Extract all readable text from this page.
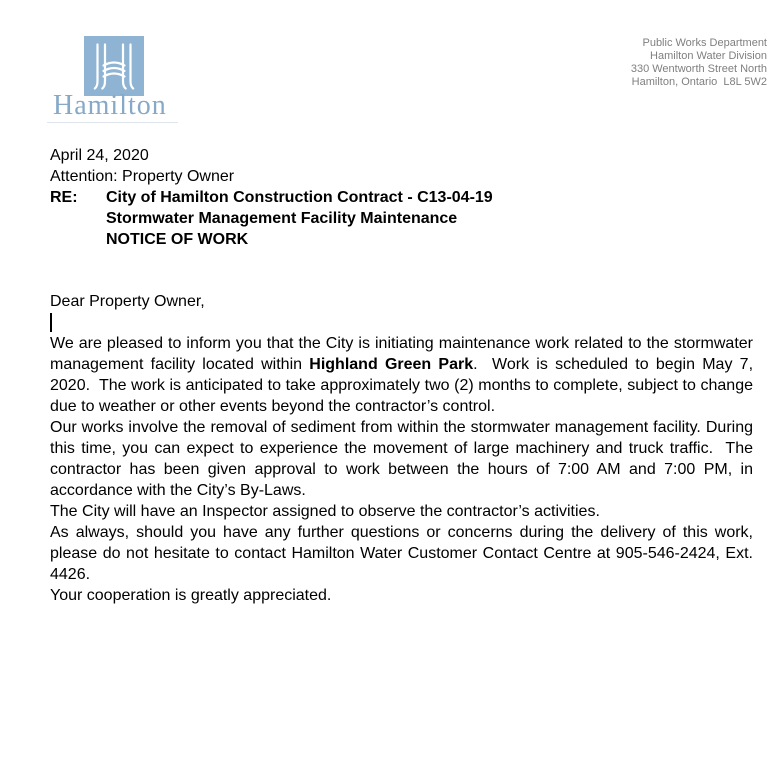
Hamilton
Public Works Department
Hamilton Water Division
330 Wentworth Street North
Hamilton, Ontario  L8L 5W2

April 24, 2020

Attention: Property Owner

RE:	City of Hamilton Construction Contract - C13-04-19
Stormwater Management Facility Maintenance
NOTICE OF WORK

Dear Property Owner,

We are pleased to inform you that the City is initiating maintenance work related to the stormwater management facility located within Highland Green Park.  Work is scheduled to begin May 7, 2020.  The work is anticipated to take approximately two (2) months to complete, subject to change due to weather or other events beyond the contractor’s control.

Our works involve the removal of sediment from within the stormwater management facility. During this time, you can expect to experience the movement of large machinery and truck traffic.  The contractor has been given approval to work between the hours of 7:00 AM and 7:00 PM, in accordance with the City’s By-Laws.

The City will have an Inspector assigned to observe the contractor’s activities.

As always, should you have any further questions or concerns during the delivery of this work, please do not hesitate to contact Hamilton Water Customer Contact Centre at 905-546-2424, Ext. 4426.

Your cooperation is greatly appreciated.
